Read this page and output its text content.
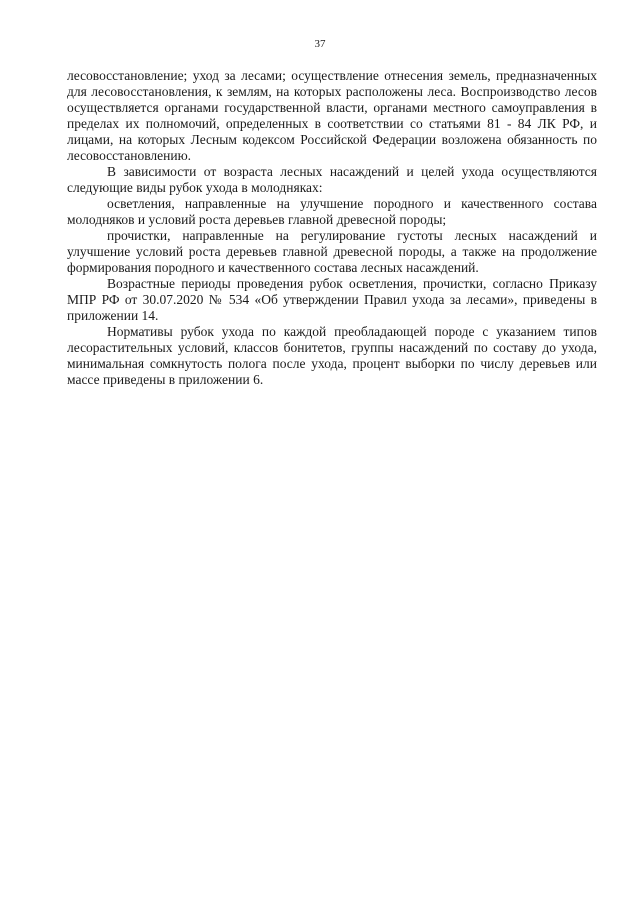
37

лесовосстановление; уход за лесами; осуществление отнесения земель, предназначенных для лесовосстановления, к землям, на которых расположены леса. Воспроизводство лесов осуществляется органами государственной власти, органами местного самоуправления в пределах их полномочий, определенных в соответствии со статьями 81 - 84 ЛК РФ, и лицами, на которых Лесным кодексом Российской Федерации возложена обязанность по лесовосстановлению.

В зависимости от возраста лесных насаждений и целей ухода осуществляются следующие виды рубок ухода в молодняках:

осветления, направленные на улучшение породного и качественного состава молодняков и условий роста деревьев главной древесной породы;

прочистки, направленные на регулирование густоты лесных насаждений и улучшение условий роста деревьев главной древесной породы, а также на продолжение формирования породного и качественного состава лесных насаждений.

Возрастные периоды проведения рубок осветления, прочистки, согласно Приказу МПР РФ от 30.07.2020 № 534 «Об утверждении Правил ухода за лесами», приведены в приложении 14.

Нормативы рубок ухода по каждой преобладающей породе с указанием типов лесорастительных условий, классов бонитетов, группы насаждений по составу до ухода, минимальная сомкнутость полога после ухода, процент выборки по числу деревьев или массе приведены в приложении 6.
